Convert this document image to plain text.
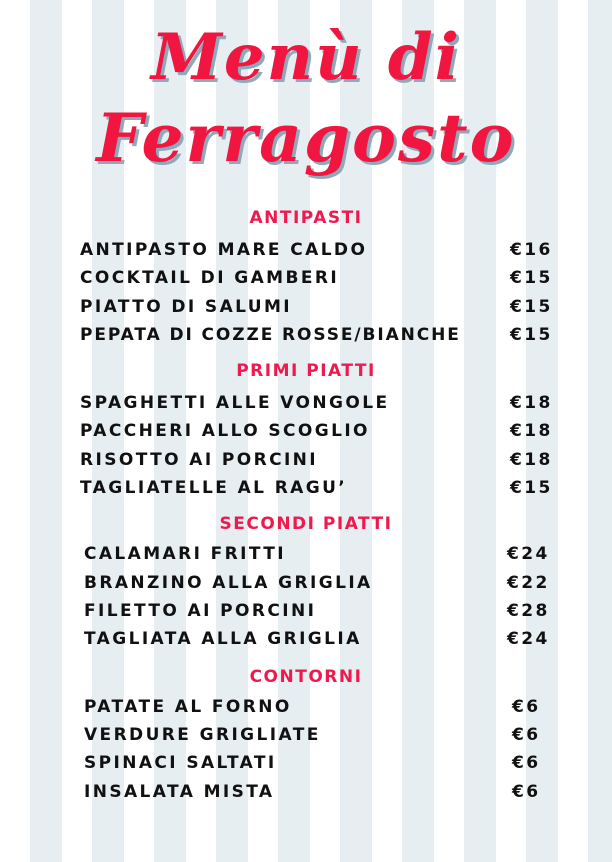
Menù di
Ferragosto
ANTIPASTI
ANTIPASTO MARE CALDO	€16
COCKTAIL DI GAMBERI	€15
PIATTO DI SALUMI	€15
PEPATA DI COZZE ROSSE/BIANCHE	€15
PRIMI PIATTI
SPAGHETTI ALLE VONGOLE	€18
PACCHERI ALLO SCOGLIO	€18
RISOTTO AI PORCINI	€18
TAGLIATELLE AL RAGU’	€15
SECONDI PIATTI
CALAMARI FRITTI	€24
BRANZINO ALLA GRIGLIA	€22
FILETTO AI PORCINI	€28
TAGLIATA ALLA GRIGLIA	€24
CONTORNI
PATATE AL FORNO	€6
VERDURE GRIGLIATE	€6
SPINACI SALTATI	€6
INSALATA MISTA	€6
